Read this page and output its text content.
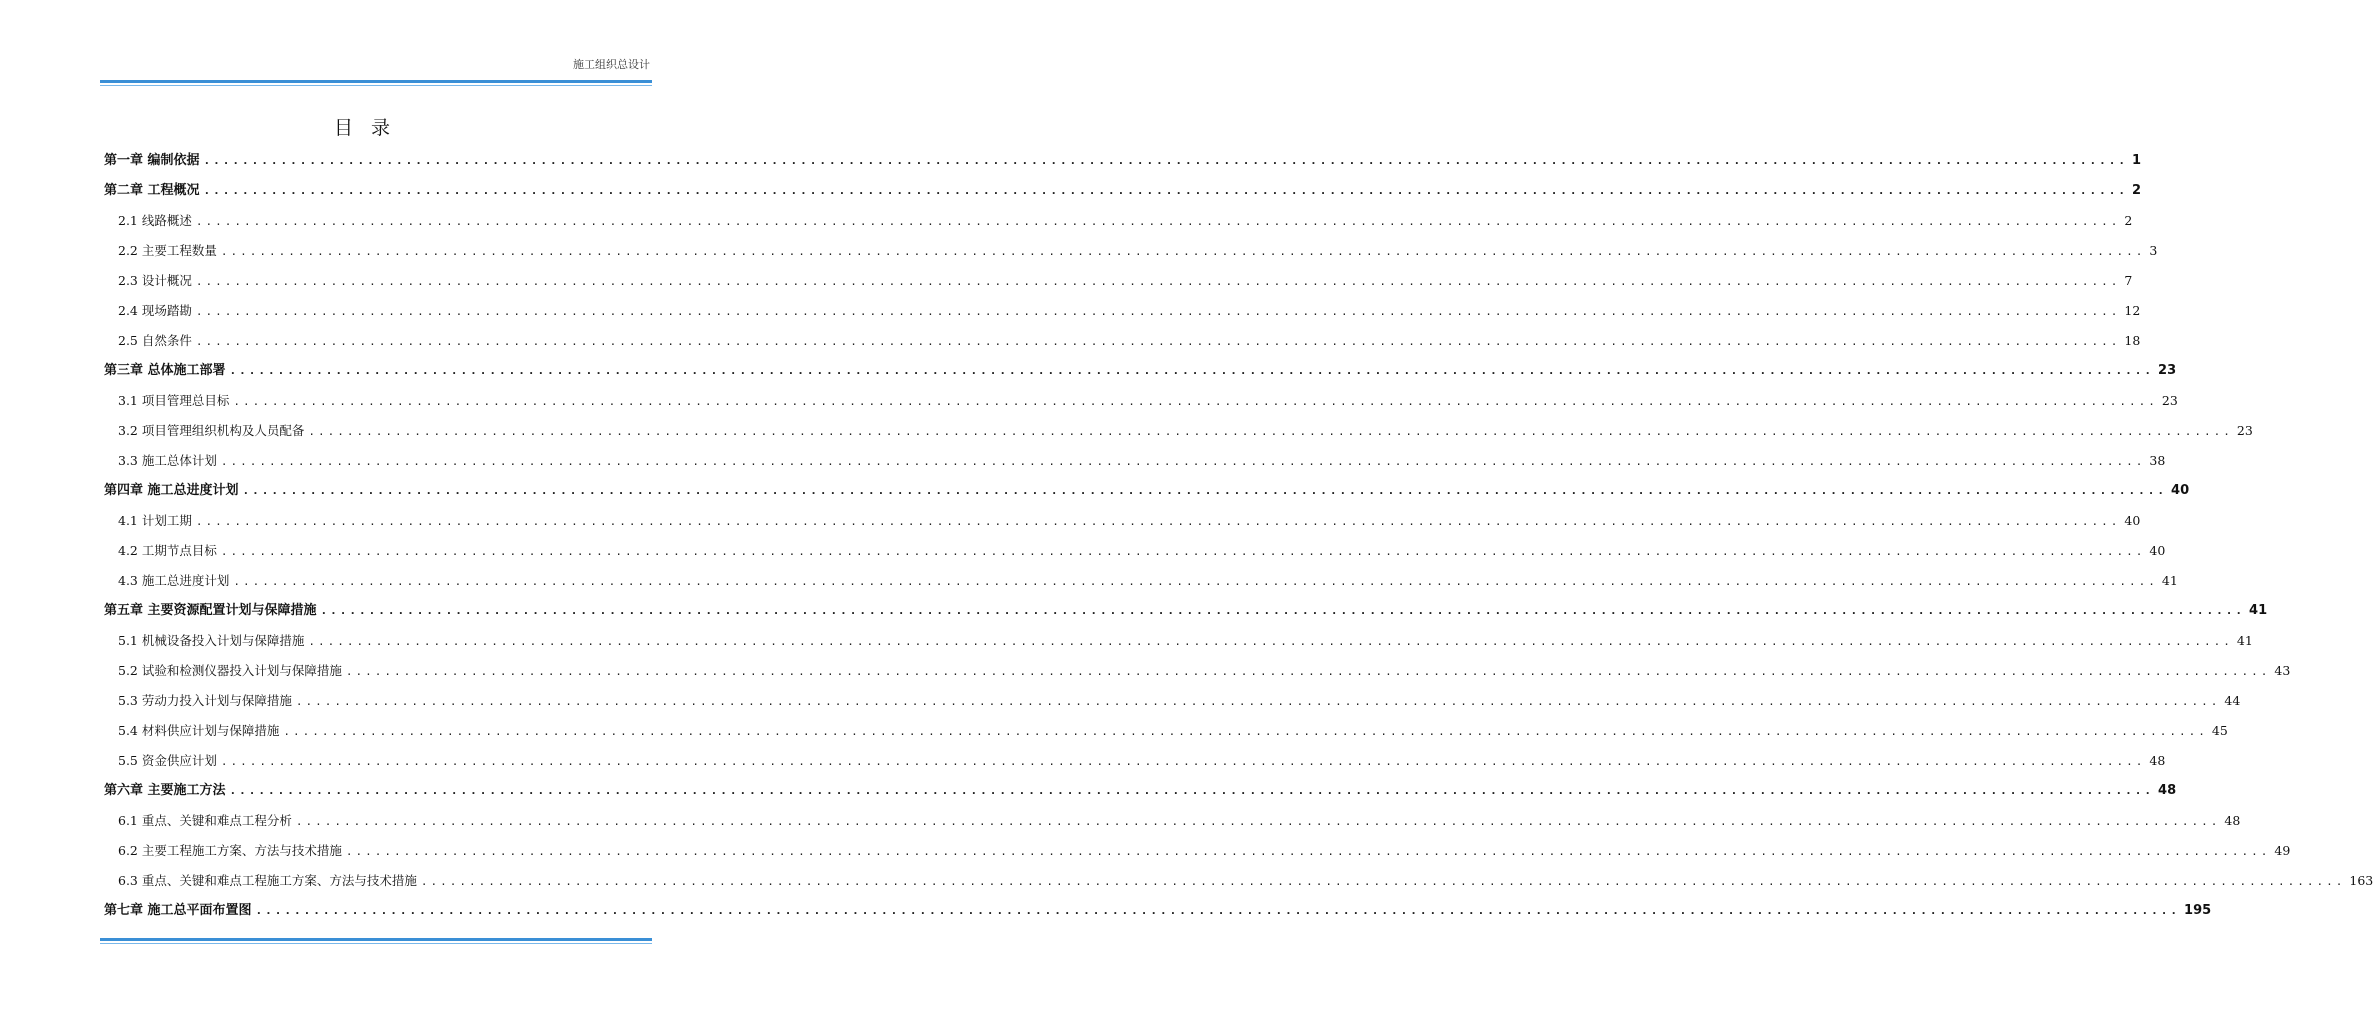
施工组织总设计
目录
第一章 编制依据 ........................................................................................................................................................................................................ 1
第二章 工程概况 ........................................................................................................................................................................................................ 2
2.1 线路概述 ........................................................................................................................................................................................................ 2
2.2 主要工程数量 ........................................................................................................................................................................................................ 3
2.3 设计概况 ........................................................................................................................................................................................................ 7
2.4 现场踏勘 ........................................................................................................................................................................................................ 12
2.5 自然条件 ........................................................................................................................................................................................................ 18
第三章 总体施工部署 ........................................................................................................................................................................................................ 23
3.1 项目管理总目标 ........................................................................................................................................................................................................ 23
3.2 项目管理组织机构及人员配备 ........................................................................................................................................................................................................ 23
3.3 施工总体计划 ........................................................................................................................................................................................................ 38
第四章 施工总进度计划 ........................................................................................................................................................................................................ 40
4.1 计划工期 ........................................................................................................................................................................................................ 40
4.2 工期节点目标 ........................................................................................................................................................................................................ 40
4.3 施工总进度计划 ........................................................................................................................................................................................................ 41
第五章 主要资源配置计划与保障措施 ........................................................................................................................................................................................................ 41
5.1 机械设备投入计划与保障措施 ........................................................................................................................................................................................................ 41
5.2 试验和检测仪器投入计划与保障措施 ........................................................................................................................................................................................................ 43
5.3 劳动力投入计划与保障措施 ........................................................................................................................................................................................................ 44
5.4 材料供应计划与保障措施 ........................................................................................................................................................................................................ 45
5.5 资金供应计划 ........................................................................................................................................................................................................ 48
第六章 主要施工方法 ........................................................................................................................................................................................................ 48
6.1 重点、关键和难点工程分析 ........................................................................................................................................................................................................ 48
6.2 主要工程施工方案、方法与技术措施 ........................................................................................................................................................................................................ 49
6.3 重点、关键和难点工程施工方案、方法与技术措施 ........................................................................................................................................................................................................ 163
第七章 施工总平面布置图 ........................................................................................................................................................................................................ 195
